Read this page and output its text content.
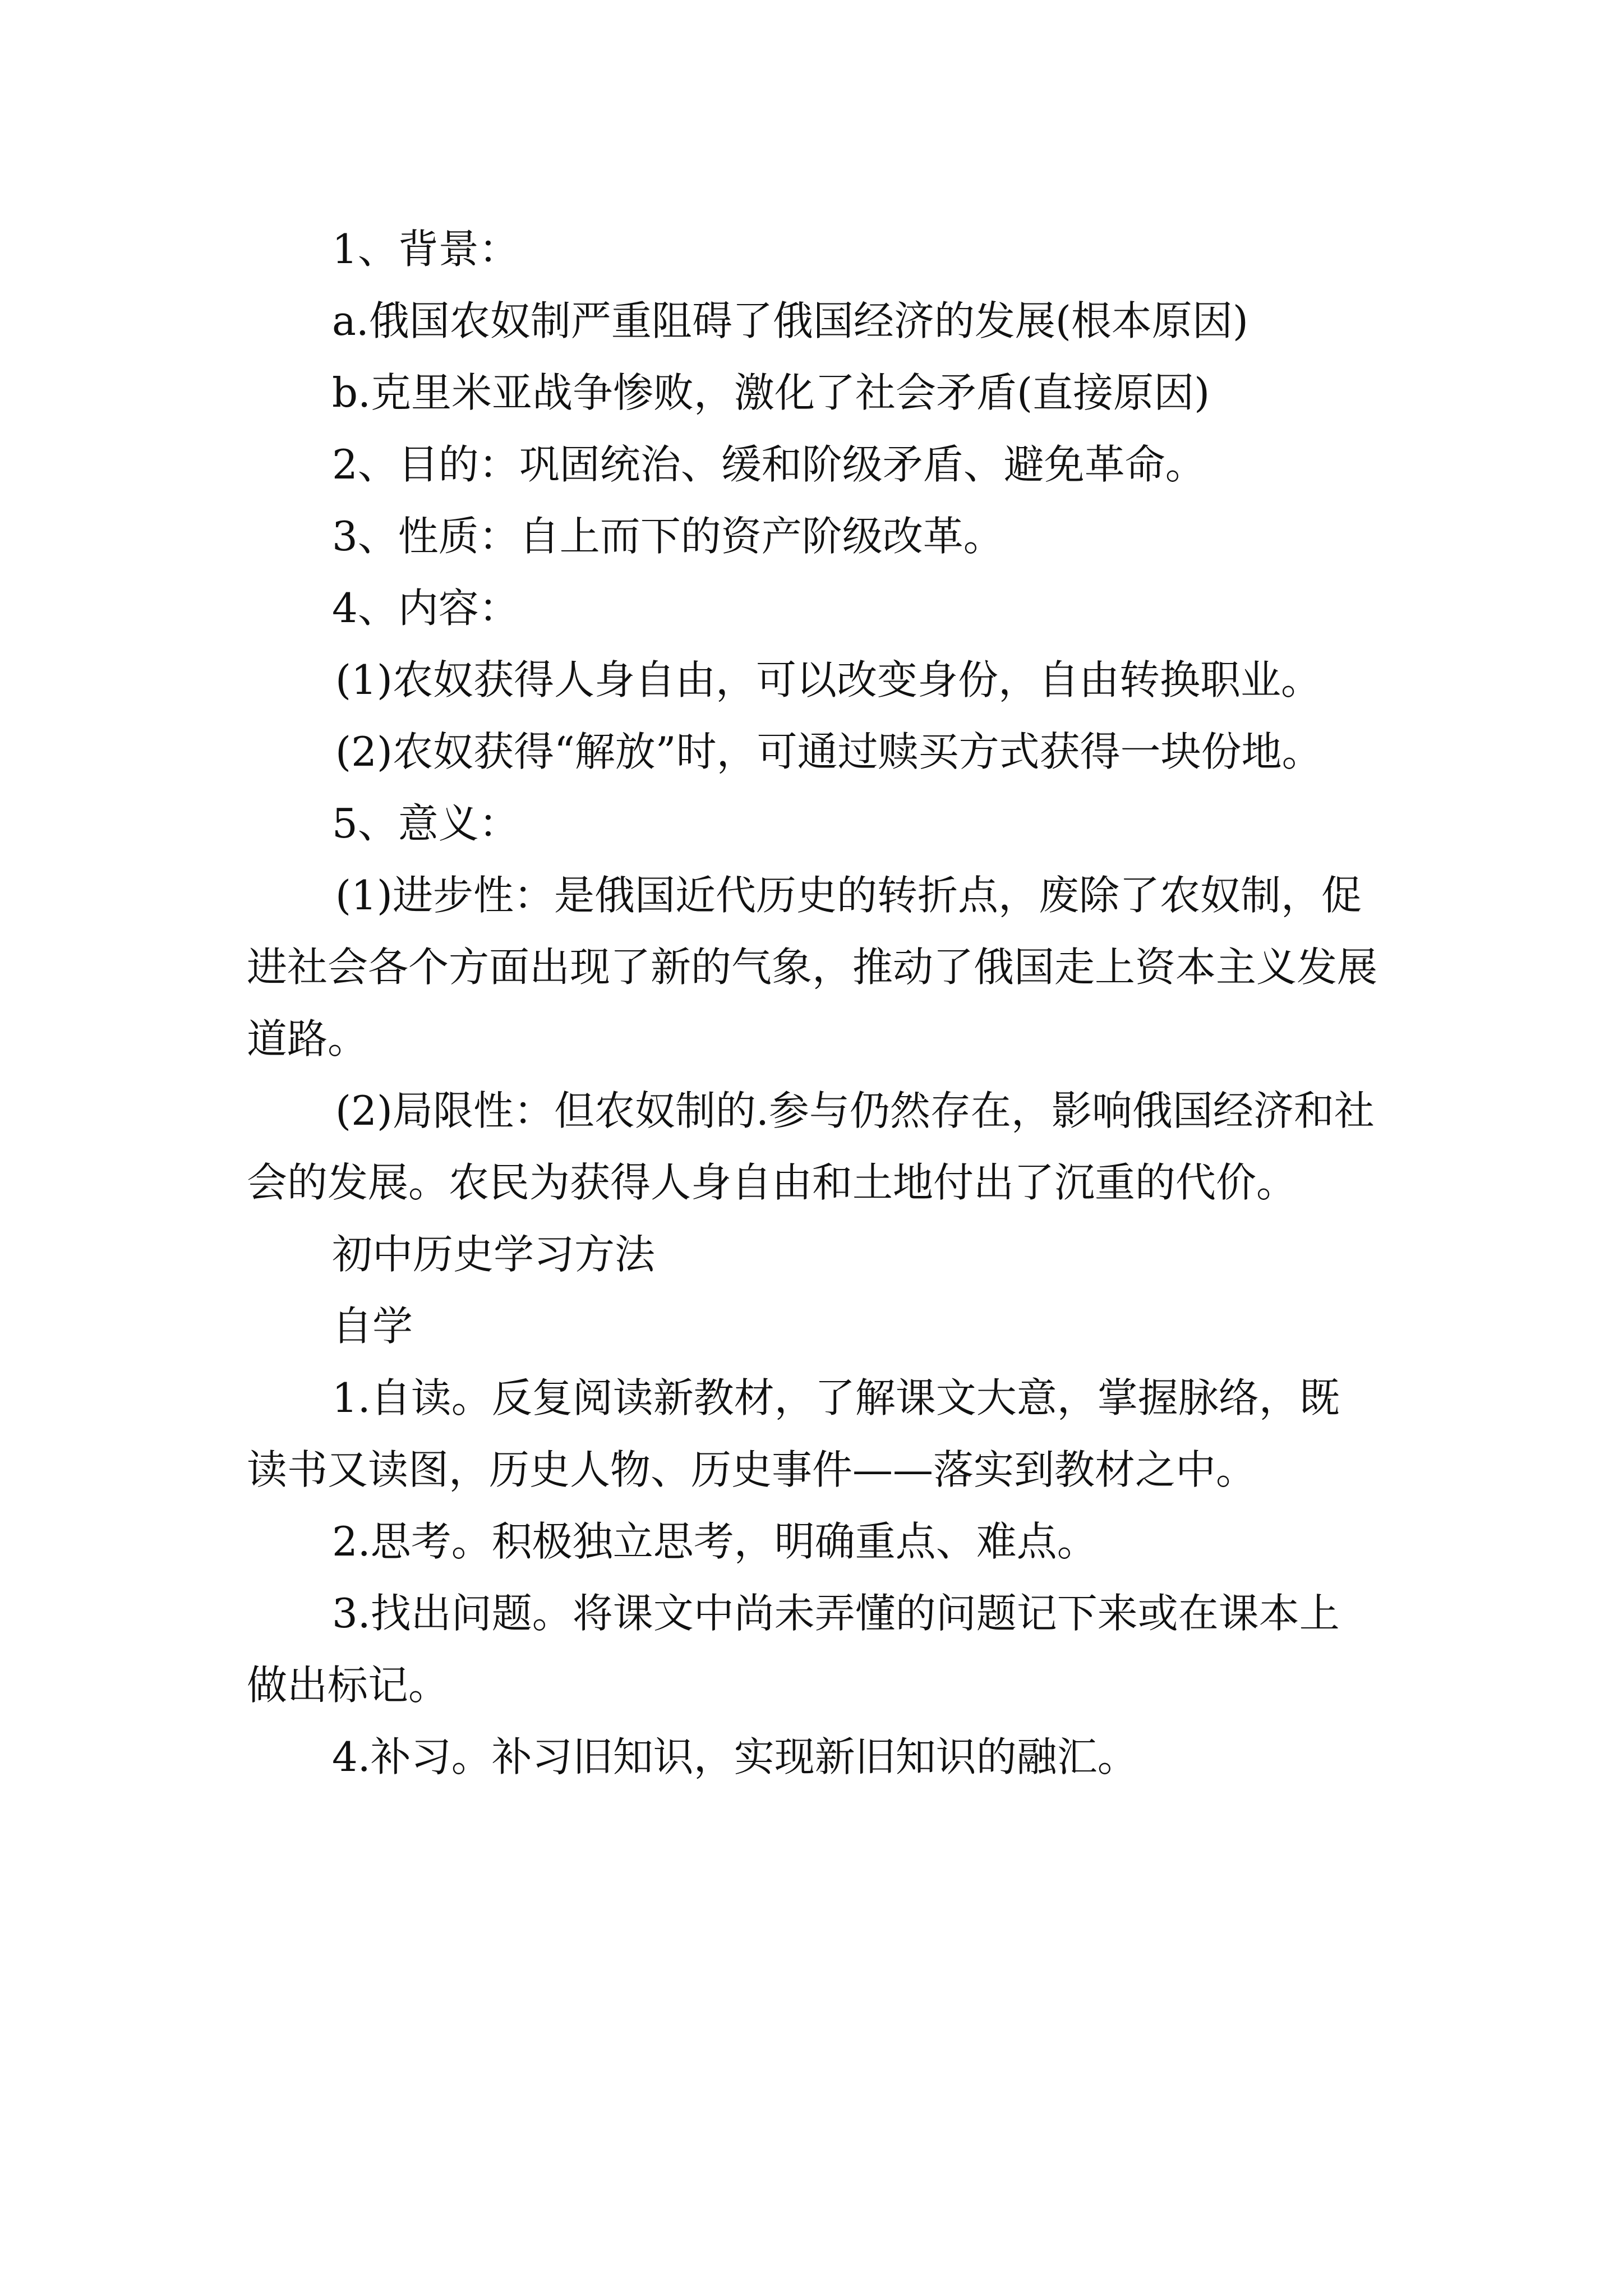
1、背景：

a.俄国农奴制严重阻碍了俄国经济的发展(根本原因)

b.克里米亚战争惨败，激化了社会矛盾(直接原因)

2、目的：巩固统治、缓和阶级矛盾、避免革命。

3、性质：自上而下的资产阶级改革。

4、内容：

(1)农奴获得人身自由，可以改变身份，自由转换职业。

(2)农奴获得“解放”时，可通过赎买方式获得一块份地。

5、意义：

(1)进步性：是俄国近代历史的转折点，废除了农奴制，促进社会各个方面出现了新的气象，推动了俄国走上资本主义发展道路。

(2)局限性：但农奴制的.参与仍然存在，影响俄国经济和社会的发展。农民为获得人身自由和土地付出了沉重的代价。

初中历史学习方法

自学

1.自读。反复阅读新教材，了解课文大意，掌握脉络，既读书又读图，历史人物、历史事件——落实到教材之中。

2.思考。积极独立思考，明确重点、难点。

3.找出问题。将课文中尚未弄懂的问题记下来或在课本上做出标记。

4.补习。补习旧知识，实现新旧知识的融汇。
